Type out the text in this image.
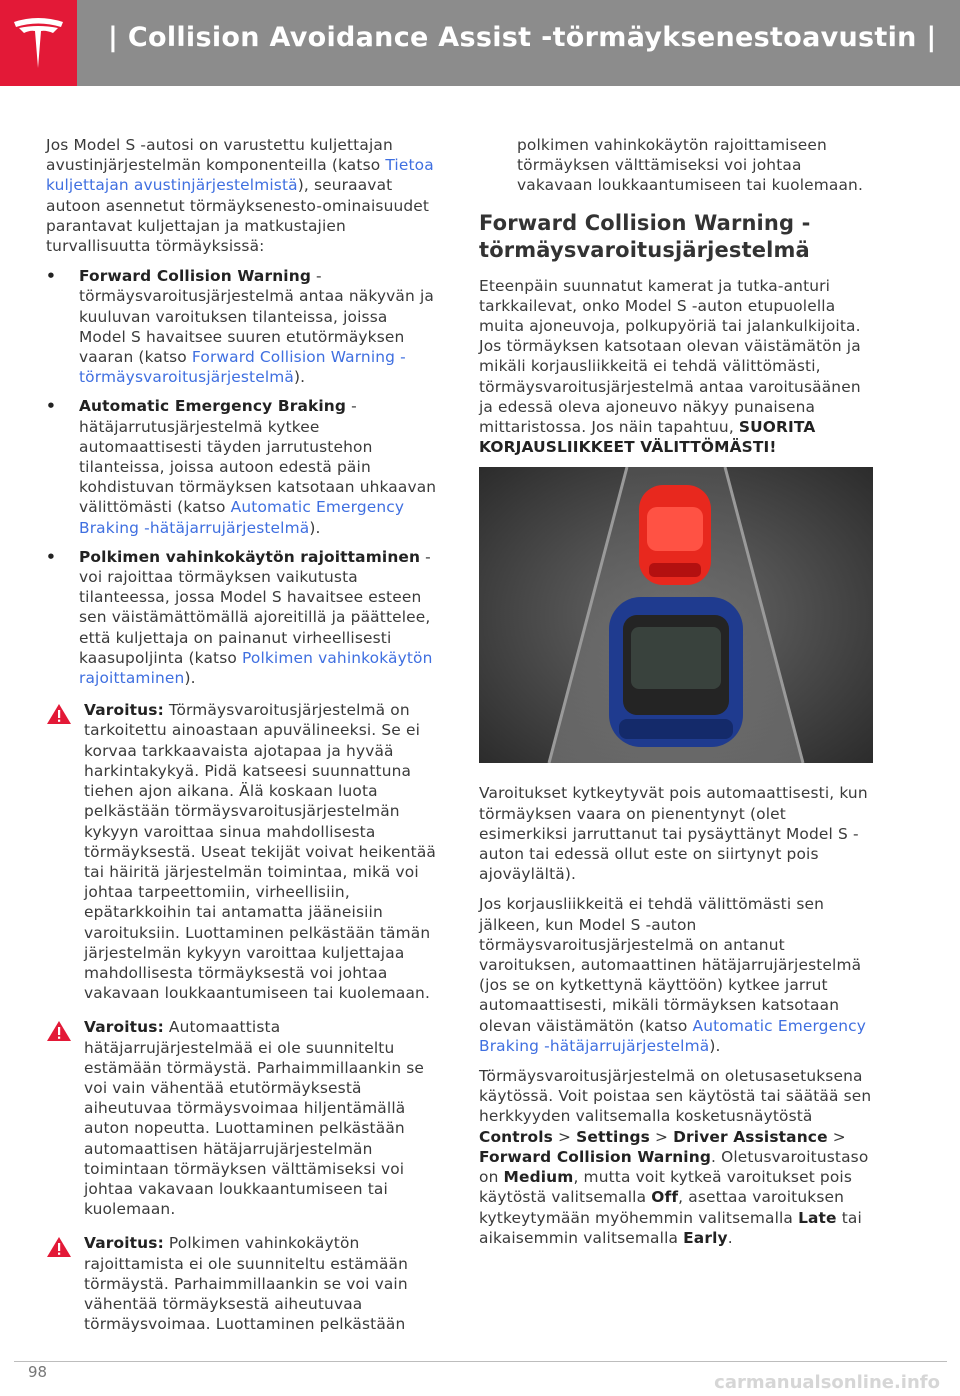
| Collision Avoidance Assist -törmäyksenestoavustin |

Jos Model S -autosi on varustettu kuljettajan avustinjärjestelmän komponenteilla (katso Tietoa kuljettajan avustinjärjestelmistä), seuraavat autoon asennetut törmäyksenesto-ominaisuudet parantavat kuljettajan ja matkustajien turvallisuutta törmäyksissä:

• Forward Collision Warning - törmäysvaroitusjärjestelmä antaa näkyvän ja kuuluvan varoituksen tilanteissa, joissa Model S havaitsee suuren etutörmäyksen vaaran (katso Forward Collision Warning -törmäysvaroitusjärjestelmä).
• Automatic Emergency Braking - hätäjarrutusjärjestelmä kytkee automaattisesti täyden jarrutustehon tilanteissa, joissa autoon edestä päin kohdistuvan törmäyksen katsotaan uhkaavan välittömästi (katso Automatic Emergency Braking -hätäjarrujärjestelmä).
• Polkimen vahinkokäytön rajoittaminen - voi rajoittaa törmäyksen vaikutusta tilanteessa, jossa Model S havaitsee esteen sen väistämättömällä ajoreitillä ja päättelee, että kuljettaja on painanut virheellisesti kaasupoljinta (katso Polkimen vahinkokäytön rajoittaminen).
Varoitus: Törmäysvaroitusjärjestelmä on tarkoitettu ainoastaan apuvälineeksi. Se ei korvaa tarkkaavaista ajotapaa ja hyvää harkintakykyä. Pidä katseesi suunnattuna tiehen ajon aikana. Älä koskaan luota pelkästään törmäysvaroitusjärjestelmän kykyyn varoittaa sinua mahdollisesta törmäyksestä. Useat tekijät voivat heikentää tai häiritä järjestelmän toimintaa, mikä voi johtaa tarpeettomiin, virheellisiin, epätarkkoihin tai antamatta jääneisiin varoituksiin. Luottaminen pelkästään tämän järjestelmän kykyyn varoittaa kuljettajaa mahdollisesta törmäyksestä voi johtaa vakavaan loukkaantumiseen tai kuolemaan.
Varoitus: Automaattista hätäjarrujärjestelmää ei ole suunniteltu estämään törmäystä. Parhaimmillaankin se voi vain vähentää etutörmäyksestä aiheutuvaa törmäysvoimaa hiljentämällä auton nopeutta. Luottaminen pelkästään automaattisen hätäjarrujärjestelmän toimintaan törmäyksen välttämiseksi voi johtaa vakavaan loukkaantumiseen tai kuolemaan.
Varoitus: Polkimen vahinkokäytön rajoittamista ei ole suunniteltu estämään törmäystä. Parhaimmillaankin se voi vain vähentää törmäyksestä aiheutuvaa törmäysvoimaa. Luottaminen pelkästään

polkimen vahinkokäytön rajoittamiseen törmäyksen välttämiseksi voi johtaa vakavaan loukkaantumiseen tai kuolemaan.

Forward Collision Warning -törmäysvaroitusjärjestelmä

Eteenpäin suunnatut kamerat ja tutka-anturi tarkkailevat, onko Model S -auton etupuolella muita ajoneuvoja, polkupyöriä tai jalankulkijoita. Jos törmäyksen katsotaan olevan väistämätön ja mikäli korjausliikkeitä ei tehdä välittömästi, törmäysvaroitusjärjestelmä antaa varoitusäänen ja edessä oleva ajoneuvo näkyy punaisena mittaristossa. Jos näin tapahtuu, SUORITA KORJAUSLIIKKEET VÄLITTÖMÄSTI!

Varoitukset kytkeytyvät pois automaattisesti, kun törmäyksen vaara on pienentynyt (olet esimerkiksi jarruttanut tai pysäyttänyt Model S -auton tai edessä ollut este on siirtynyt pois ajoväylältä).

Jos korjausliikkeitä ei tehdä välittömästi sen jälkeen, kun Model S -auton törmäysvaroitusjärjestelmä on antanut varoituksen, automaattinen hätäjarrujärjestelmä (jos se on kytkettynä käyttöön) kytkee jarrut automaattisesti, mikäli törmäyksen katsotaan olevan väistämätön (katso Automatic Emergency Braking -hätäjarrujärjestelmä).

Törmäysvaroitusjärjestelmä on oletusasetuksena käytössä. Voit poistaa sen käytöstä tai säätää sen herkkyyden valitsemalla kosketusnäytöstä Controls > Settings > Driver Assistance > Forward Collision Warning. Oletusvaroitustaso on Medium, mutta voit kytkeä varoitukset pois käytöstä valitsemalla Off, asettaa varoituksen kytkeytymään myöhemmin valitsemalla Late tai aikaisemmin valitsemalla Early.

98	carmanualsonline.info
